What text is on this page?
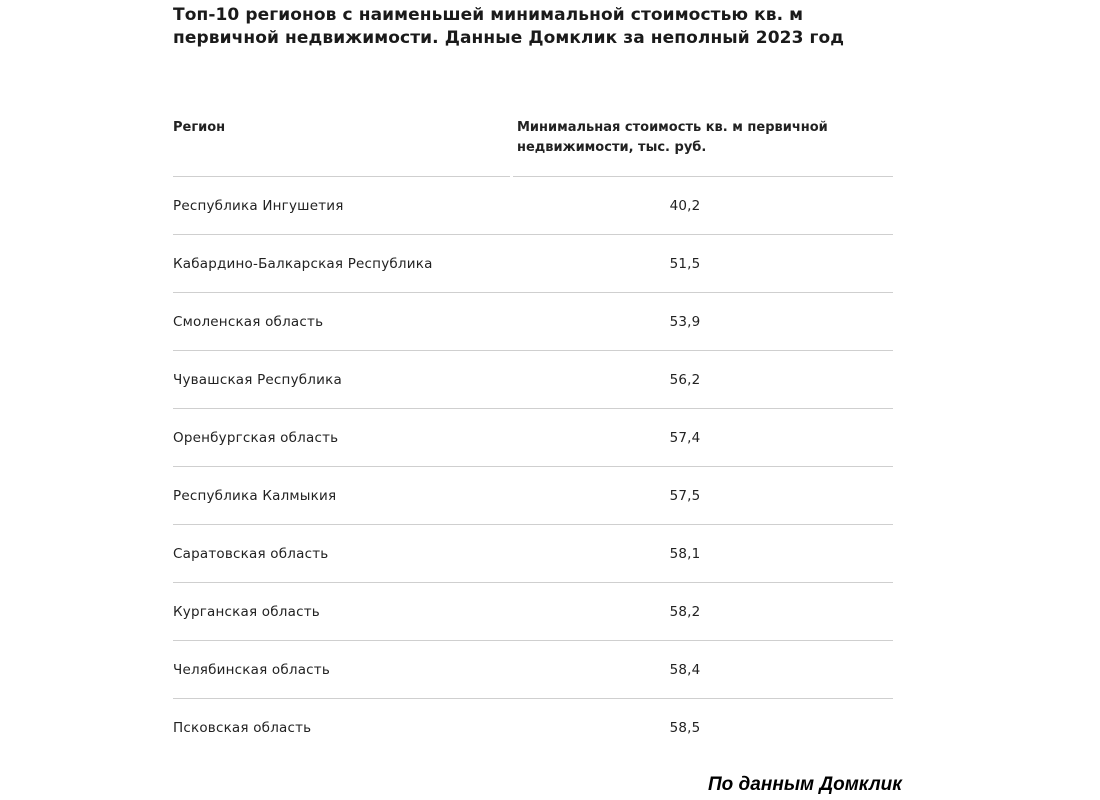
Топ-10 регионов с наименьшей минимальной стоимостью кв. м первичной недвижимости. Данные Домклик за неполный 2023 год
Регион	Минимальная стоимость кв. м первичной недвижимости, тыс. руб.
Республика Ингушетия	40,2
Кабардино-Балкарская Республика	51,5
Смоленская область	53,9
Чувашская Республика	56,2
Оренбургская область	57,4
Республика Калмыкия	57,5
Саратовская область	58,1
Курганская область	58,2
Челябинская область	58,4
Псковская область	58,5
По данным Домклик
